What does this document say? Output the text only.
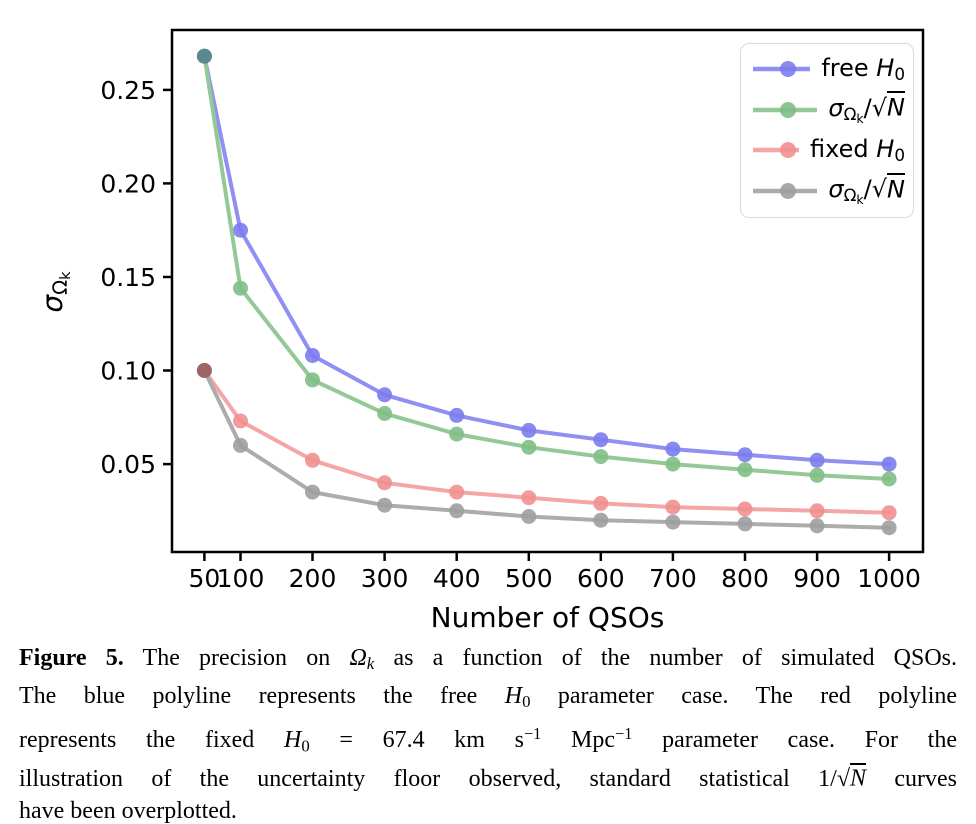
50
100 200 300 400 500 600 700 800 900 1000
0.05
0.10
0.15
0.20
0.25
$\sigma\Omega_k$
Number of QSOs
free H0
$\sigma\Omega_k/√N$
fixed H0
$\sigma\Omega_k/√N$
Figure 5. The precision on Ωk as a function of the number of simulated QSOs.
The blue polyline represents the free H0 parameter case. The red polyline
represents the fixed H0 = 67.4 km $s^{-1}$ Mpc$^{-1}$ parameter case. For the
illustration of the uncertainty floor observed, standard statistical 1/√N curves
have been overplotted.
